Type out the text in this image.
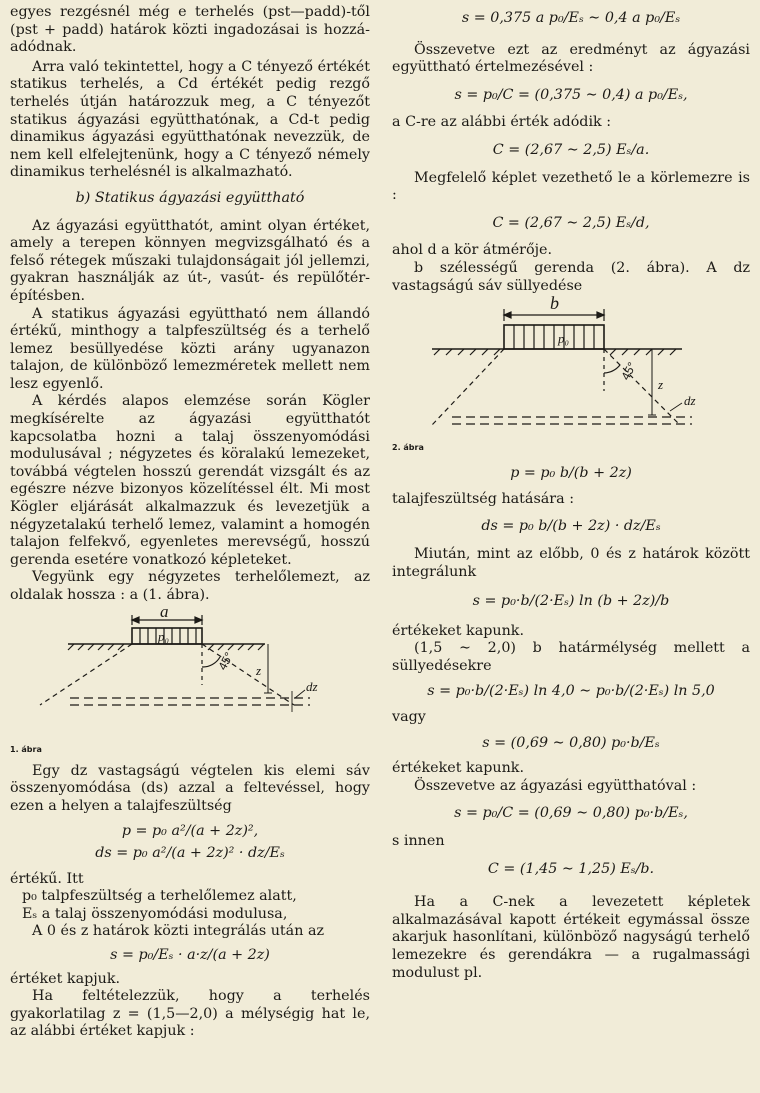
egyes rezgésnél még e terhelés (pst—padd)-től (pst + padd) határok közti ingadozásai is hozzá-adódnak.

Arra való tekintettel, hogy a C tényező értékét statikus terhelés, a Cd értékét pedig rezgő terhelés útján határozzuk meg, a C tényezőt statikus ágyazási együtthatónak, a Cd-t pedig dinamikus ágyazási együtthatónak nevezzük, de nem kell elfelejtenünk, hogy a C tényező némely dinamikus terhelésnél is alkalmazható.

b) Statikus ágyazási együttható

Az ágyazási együtthatót, amint olyan értéket, amely a terepen könnyen megvizsgálható és a felső rétegek műszaki tulajdonságait jól jellemzi, gyakran használják az út-, vasút- és repülőtér-építésben.

A statikus ágyazási együttható nem állandó értékű, minthogy a talpfeszültség és a terhelő lemez besüllyedése közti arány ugyanazon talajon, de különböző lemezméretek mellett nem lesz egyenlő.

A kérdés alapos elemzése során Kögler megkísérelte az ágyazási együtthatót kapcsolatba hozni a talaj összenyomódási modulusával ; négyzetes és köralakú lemezeket, továbbá végtelen hosszú gerendát vizsgált és az egészre nézve bizonyos közelítéssel élt. Mi most Kögler eljárását alkalmazzuk és levezetjük a négyzetalakú terhelő lemez, valamint a homogén talajon felfekvő, egyenletes merevségű, hosszú gerenda esetére vonatkozó képleteket.

Vegyünk egy négyzetes terhelőlemezt, az oldalak hossza : a (1. ábra).

a
p₀
45° z
dz

1. ábra

Egy dz vastagságú végtelen kis elemi sáv összenyomódása (ds) azzal a feltevéssel, hogy ezen a helyen a talajfeszültség

p = p₀ a²/(a + 2z)²,

ds = p₀ a²/(a + 2z)² · dz/Eₛ

értékű. Itt

p₀ talpfeszültség a terhelőlemez alatt,

Eₛ a talaj összenyomódási modulusa,

A 0 és z határok közti integrálás után az

s = p₀/Eₛ · a·z/(a + 2z)

értéket kapjuk.

Ha feltételezzük, hogy a terhelés gyakorlatilag z = (1,5—2,0) a mélységig hat le, az alábbi értéket kapjuk :

s = 0,375 a p₀/Eₛ ∼ 0,4 a p₀/Eₛ

Összevetve ezt az eredményt az ágyazási együttható értelmezésével :

s = p₀/C = (0,375 ∼ 0,4) a p₀/Eₛ,

a C-re az alábbi érték adódik :

C = (2,67 ∼ 2,5) Eₛ/a.

Megfelelő képlet vezethető le a körlemezre is :

C = (2,67 ∼ 2,5) Eₛ/d,

ahol d a kör átmérője.

b szélességű gerenda (2. ábra). A dz vastagságú sáv süllyedése

b
p₀
45°
z
dz

2. ábra

p = p₀ b/(b + 2z)

talajfeszültség hatására :

ds = p₀ b/(b + 2z) · dz/Eₛ

Miután, mint az előbb, 0 és z határok között integrálunk

s = p₀·b/(2·Eₛ) ln (b + 2z)/b

értékeket kapunk.

(1,5 ∼ 2,0) b határmélység mellett a süllyedésekre

s = p₀·b/(2·Eₛ) ln 4,0 ∼ p₀·b/(2·Eₛ) ln 5,0

vagy

s = (0,69 ∼ 0,80) p₀·b/Eₛ

értékeket kapunk.

Összevetve az ágyazási együtthatóval :

s = p₀/C = (0,69 ∼ 0,80) p₀·b/Eₛ,

s innen

C = (1,45 ∼ 1,25) Eₛ/b.

Ha a C-nek a levezetett képletek alkalmazásával kapott értékeit egymással össze akarjuk hasonlítani, különböző nagyságú terhelő lemezekre és gerendákra — a rugalmassági modulust pl.
